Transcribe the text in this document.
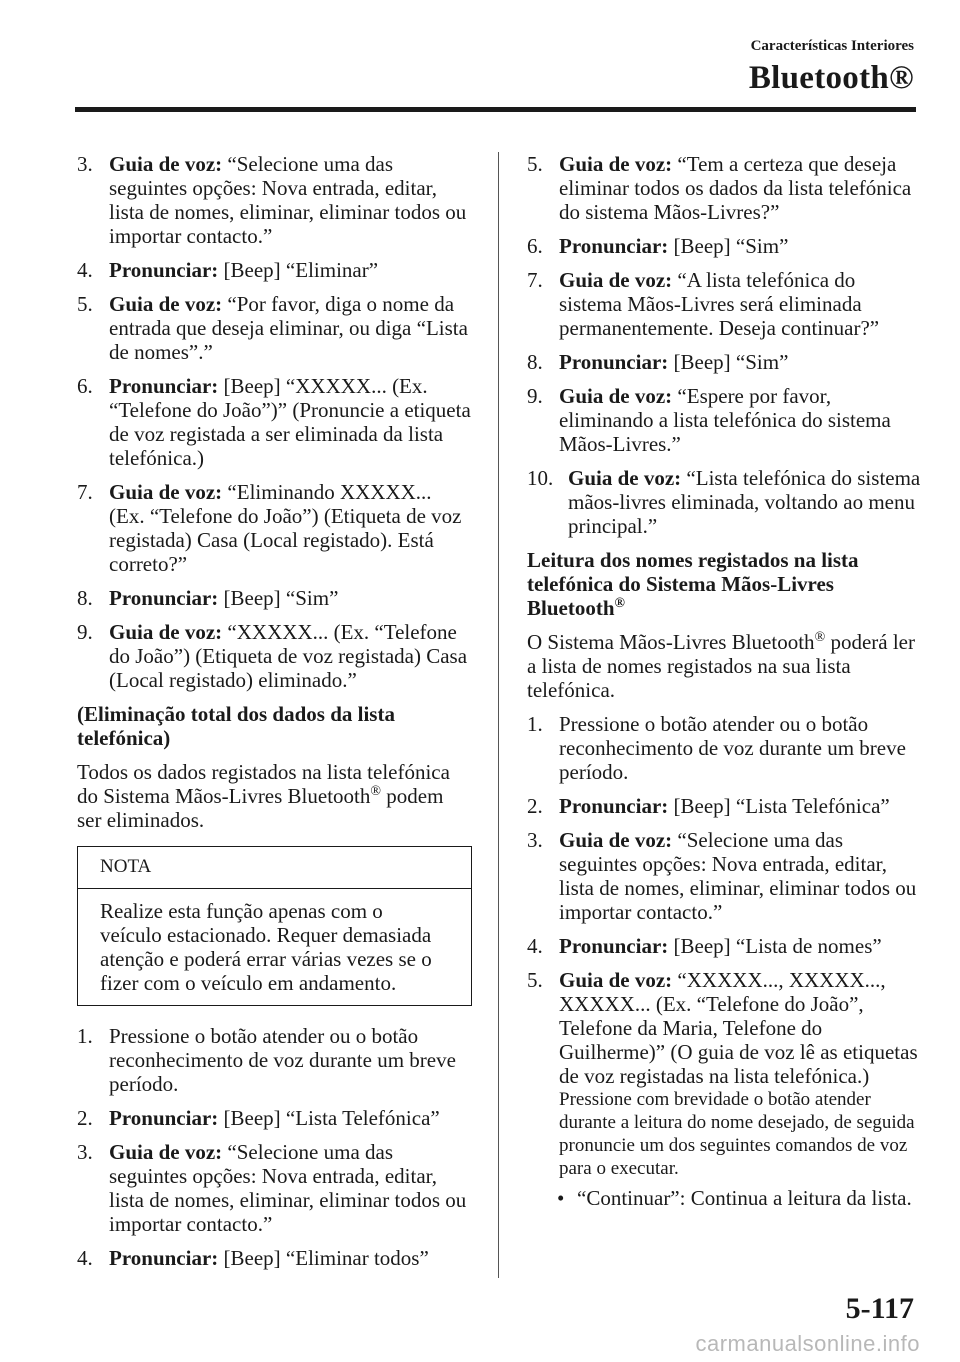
Características Interiores
Bluetooth®
3. Guia de voz: “Selecione uma das seguintes opções: Nova entrada, editar, lista de nomes, eliminar, eliminar todos ou importar contacto.”
4. Pronunciar: [Beep] “Eliminar”
5. Guia de voz: “Por favor, diga o nome da entrada que deseja eliminar, ou diga “Lista de nomes”.”
6. Pronunciar: [Beep] “XXXXX... (Ex. “Telefone do João”)” (Pronuncie a etiqueta de voz registada a ser eliminada da lista telefónica.)
7. Guia de voz: “Eliminando XXXXX... (Ex. “Telefone do João”) (Etiqueta de voz registada) Casa (Local registado). Está correto?”
8. Pronunciar: [Beep] “Sim”
9. Guia de voz: “XXXXX... (Ex. “Telefone do João”) (Etiqueta de voz registada) Casa (Local registado) eliminado.”
(Eliminação total dos dados da lista telefónica)
Todos os dados registados na lista telefónica do Sistema Mãos-Livres Bluetooth® podem ser eliminados.
NOTA
Realize esta função apenas com o veículo estacionado. Requer demasiada atenção e poderá errar várias vezes se o fizer com o veículo em andamento.
1. Pressione o botão atender ou o botão reconhecimento de voz durante um breve período.
2. Pronunciar: [Beep] “Lista Telefónica”
3. Guia de voz: “Selecione uma das seguintes opções: Nova entrada, editar, lista de nomes, eliminar, eliminar todos ou importar contacto.”
4. Pronunciar: [Beep] “Eliminar todos”
5. Guia de voz: “Tem a certeza que deseja eliminar todos os dados da lista telefónica do sistema Mãos-Livres?”
6. Pronunciar: [Beep] “Sim”
7. Guia de voz: “A lista telefónica do sistema Mãos-Livres será eliminada permanentemente. Deseja continuar?”
8. Pronunciar: [Beep] “Sim”
9. Guia de voz: “Espere por favor, eliminando a lista telefónica do sistema Mãos-Livres.”
10. Guia de voz: “Lista telefónica do sistema mãos-livres eliminada, voltando ao menu principal.”
Leitura dos nomes registados na lista telefónica do Sistema Mãos-Livres Bluetooth®
O Sistema Mãos-Livres Bluetooth® poderá ler a lista de nomes registados na sua lista telefónica.
1. Pressione o botão atender ou o botão reconhecimento de voz durante um breve período.
2. Pronunciar: [Beep] “Lista Telefónica”
3. Guia de voz: “Selecione uma das seguintes opções: Nova entrada, editar, lista de nomes, eliminar, eliminar todos ou importar contacto.”
4. Pronunciar: [Beep] “Lista de nomes”
5. Guia de voz: “XXXXX..., XXXXX..., XXXXX... (Ex. “Telefone do João”, Telefone da Maria, Telefone do Guilherme)” (O guia de voz lê as etiquetas de voz registadas na lista telefónica.)
Pressione com brevidade o botão atender durante a leitura do nome desejado, de seguida pronuncie um dos seguintes comandos de voz para o executar.
• “Continuar”: Continua a leitura da lista.
5-117
carmanualsonline.info
